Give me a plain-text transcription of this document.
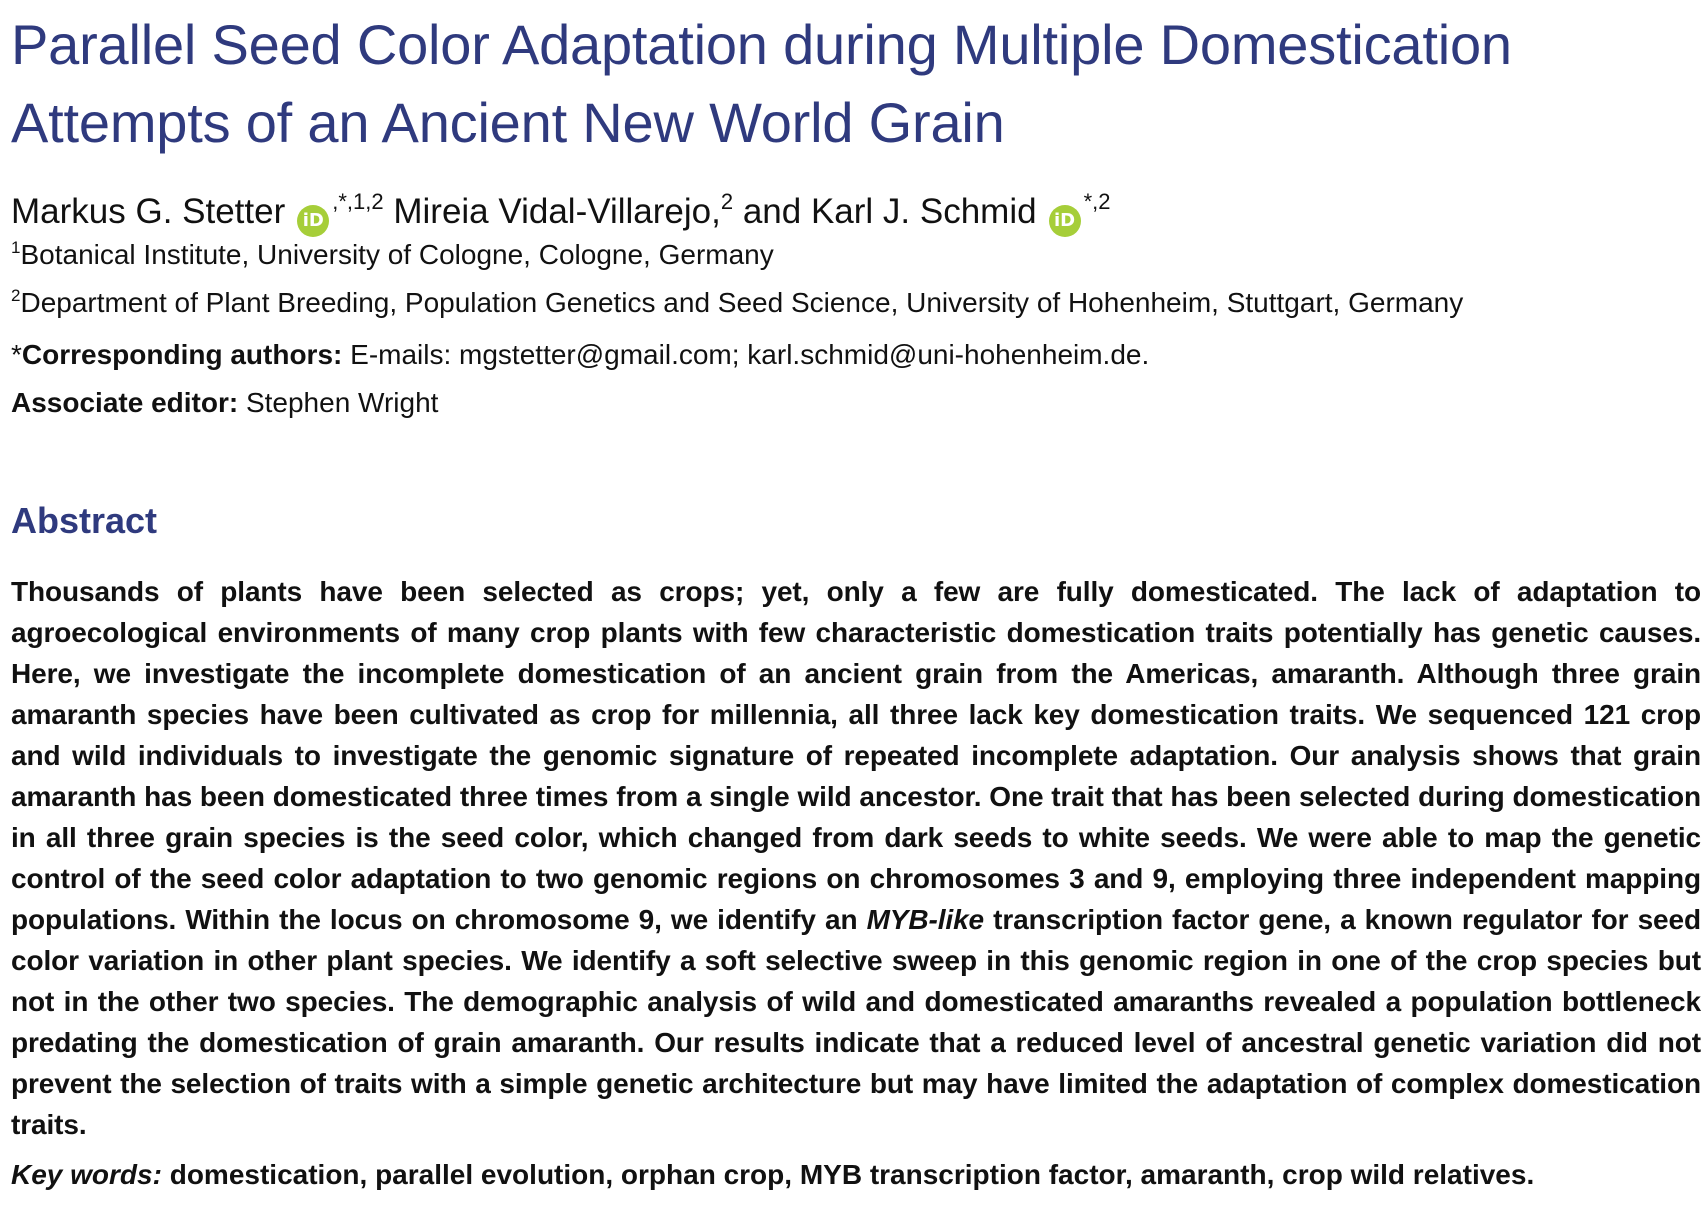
Parallel Seed Color Adaptation during Multiple Domestication Attempts of an Ancient New World Grain
Markus G. Stetter $iD^{,*,1,2}$ Mireia Vidal-Villarejo,$^2$ and Karl J. Schmid $iD^{*,2}$
$^1$Botanical Institute, University of Cologne, Cologne, Germany
$^2$Department of Plant Breeding, Population Genetics and Seed Science, University of Hohenheim, Stuttgart, Germany
*Corresponding authors: E-mails: mgstetter@gmail.com; karl.schmid@uni-hohenheim.de.
Associate editor: Stephen Wright
Abstract
Thousands of plants have been selected as crops; yet, only a few are fully domesticated. The lack of adaptation to agroecological environments of many crop plants with few characteristic domestication traits potentially has genetic causes. Here, we investigate the incomplete domestication of an ancient grain from the Americas, amaranth. Although three grain amaranth species have been cultivated as crop for millennia, all three lack key domestication traits. We sequenced 121 crop and wild individuals to investigate the genomic signature of repeated incomplete adaptation. Our analysis shows that grain amaranth has been domesticated three times from a single wild ancestor. One trait that has been selected during domestication in all three grain species is the seed color, which changed from dark seeds to white seeds. We were able to map the genetic control of the seed color adaptation to two genomic regions on chromosomes 3 and 9, employing three independent mapping populations. Within the locus on chromosome 9, we identify an MYB-like transcription factor gene, a known regulator for seed color variation in other plant species. We identify a soft selective sweep in this genomic region in one of the crop species but not in the other two species. The demographic analysis of wild and domesticated amaranths revealed a population bottleneck predating the domestication of grain amaranth. Our results indicate that a reduced level of ancestral genetic variation did not prevent the selection of traits with a simple genetic architecture but may have limited the adaptation of complex domestication traits.
Key words: domestication, parallel evolution, orphan crop, MYB transcription factor, amaranth, crop wild relatives.
